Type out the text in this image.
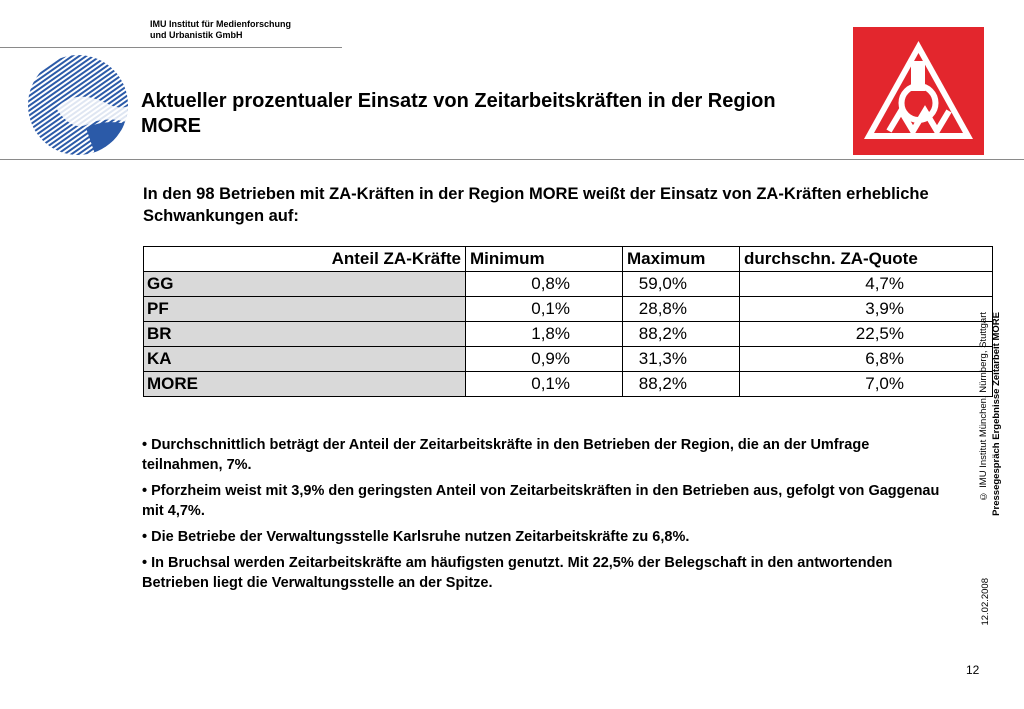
IMU Institut für Medienforschung
und Urbanistik GmbH
Aktueller prozentualer Einsatz von Zeitarbeitskräften in der Region MORE
In den 98 Betrieben mit ZA-Kräften in der Region MORE weißt der Einsatz von ZA-Kräften erhebliche Schwankungen auf:
Anteil ZA-Kräfte	Minimum	Maximum	durchschn. ZA-Quote
GG	0,8%	59,0%	4,7%
PF	0,1%	28,8%	3,9%
BR	1,8%	88,2%	22,5%
KA	0,9%	31,3%	6,8%
MORE	0,1%	88,2%	7,0%
• Durchschnittlich beträgt der Anteil der Zeitarbeitskräfte in den Betrieben der Region, die an der Umfrage teilnahmen, 7%.
• Pforzheim weist mit 3,9% den geringsten Anteil von Zeitarbeitskräften in den Betrieben aus, gefolgt von Gaggenau mit 4,7%.
• Die Betriebe der Verwaltungsstelle Karlsruhe nutzen Zeitarbeitskräfte zu 6,8%.
• In Bruchsal werden Zeitarbeitskräfte am häufigsten genutzt. Mit 22,5% der Belegschaft in den antwortenden Betrieben liegt die Verwaltungsstelle an der Spitze.
© IMU Institut München, Nürnberg, Stuttgart Pressegespräch Ergebnisse Zeitarbeit MORE
12.02.2008
12
